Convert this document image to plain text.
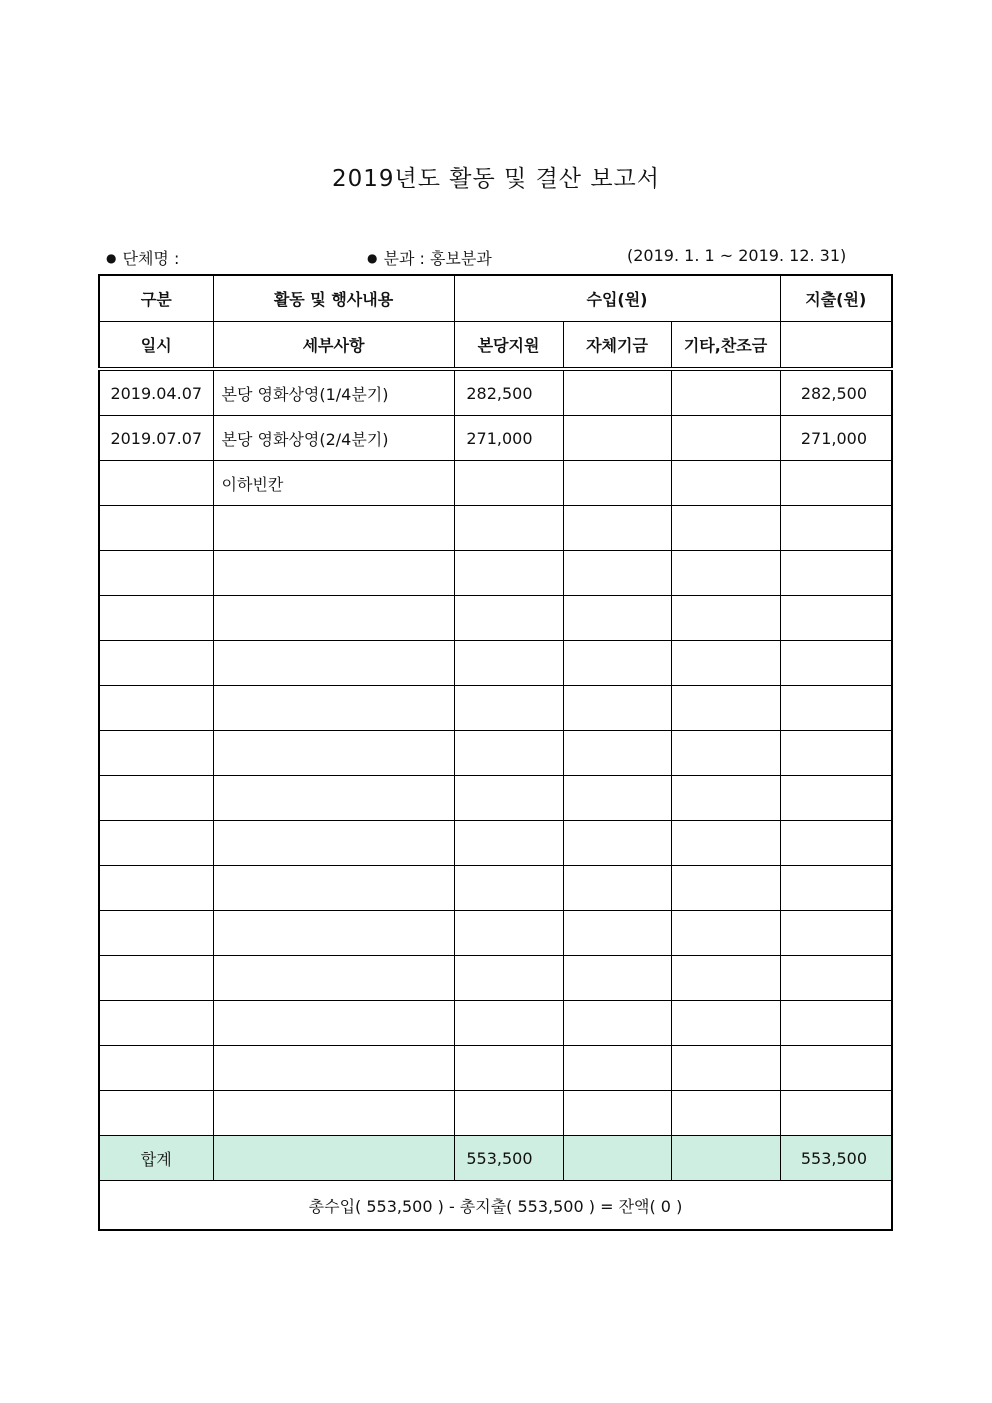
2019년도 활동 및 결산 보고서
● 단체명 :	● 분과 : 홍보분과	(2019. 1. 1 ~ 2019. 12. 31)
구분	활동 및 행사내용	수입(원)			지출(원)
일시	세부사항	본당지원	자체기금	기타,찬조금	
2019.04.07	본당 영화상영(1/4분기)	282,500			282,500
2019.07.07	본당 영화상영(2/4분기)	271,000			271,000
	이하빈칸				

합계		553,500			553,500
총수입( 553,500 ) - 총지출( 553,500 ) = 잔액( 0 )					
